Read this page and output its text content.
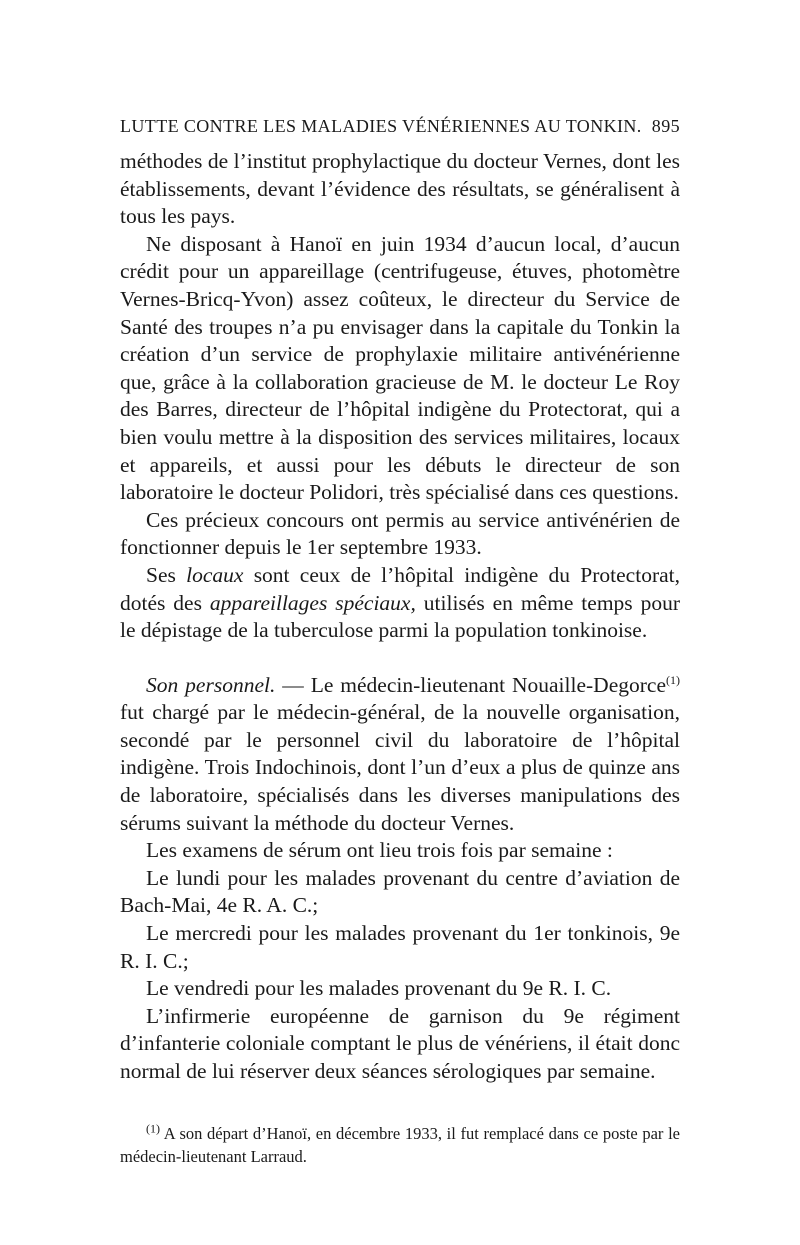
LUTTE CONTRE LES MALADIES VÉNÉRIENNES AU TONKIN. 895

méthodes de l’institut prophylactique du docteur Vernes, dont les établissements, devant l’évidence des résultats, se généralisent à tous les pays.

Ne disposant à Hanoï en juin 1934 d’aucun local, d’aucun crédit pour un appareillage (centrifugeuse, étuves, photomètre Vernes-Bricq-Yvon) assez coûteux, le directeur du Service de Santé des troupes n’a pu envisager dans la capitale du Tonkin la création d’un service de prophylaxie militaire antivénérienne que, grâce à la collaboration gracieuse de M. le docteur Le Roy des Barres, directeur de l’hôpital indigène du Protectorat, qui a bien voulu mettre à la disposition des services militaires, locaux et appareils, et aussi pour les débuts le directeur de son laboratoire le docteur Polidori, très spécialisé dans ces questions.

Ces précieux concours ont permis au service antivénérien de fonctionner depuis le 1er septembre 1933.

Ses locaux sont ceux de l’hôpital indigène du Protectorat, dotés des appareillages spéciaux, utilisés en même temps pour le dépistage de la tuberculose parmi la population tonkinoise.

Son personnel. — Le médecin-lieutenant Nouaille-Degorce$^{(1)}$ fut chargé par le médecin-général, de la nouvelle organisation, secondé par le personnel civil du laboratoire de l’hôpital indigène. Trois Indochinois, dont l’un d’eux a plus de quinze ans de laboratoire, spécialisés dans les diverses manipulations des sérums suivant la méthode du docteur Vernes.

Les examens de sérum ont lieu trois fois par semaine :

Le lundi pour les malades provenant du centre d’aviation de Bach-Mai, 4e R. A. C.;

Le mercredi pour les malades provenant du 1er tonkinois, 9e R. I. C.;

Le vendredi pour les malades provenant du 9e R. I. C.

L’infirmerie européenne de garnison du 9e régiment d’infanterie coloniale comptant le plus de vénériens, il était donc normal de lui réserver deux séances sérologiques par semaine.

$^{(1)}$ A son départ d’Hanoï, en décembre 1933, il fut remplacé dans ce poste par le médecin-lieutenant Larraud.
